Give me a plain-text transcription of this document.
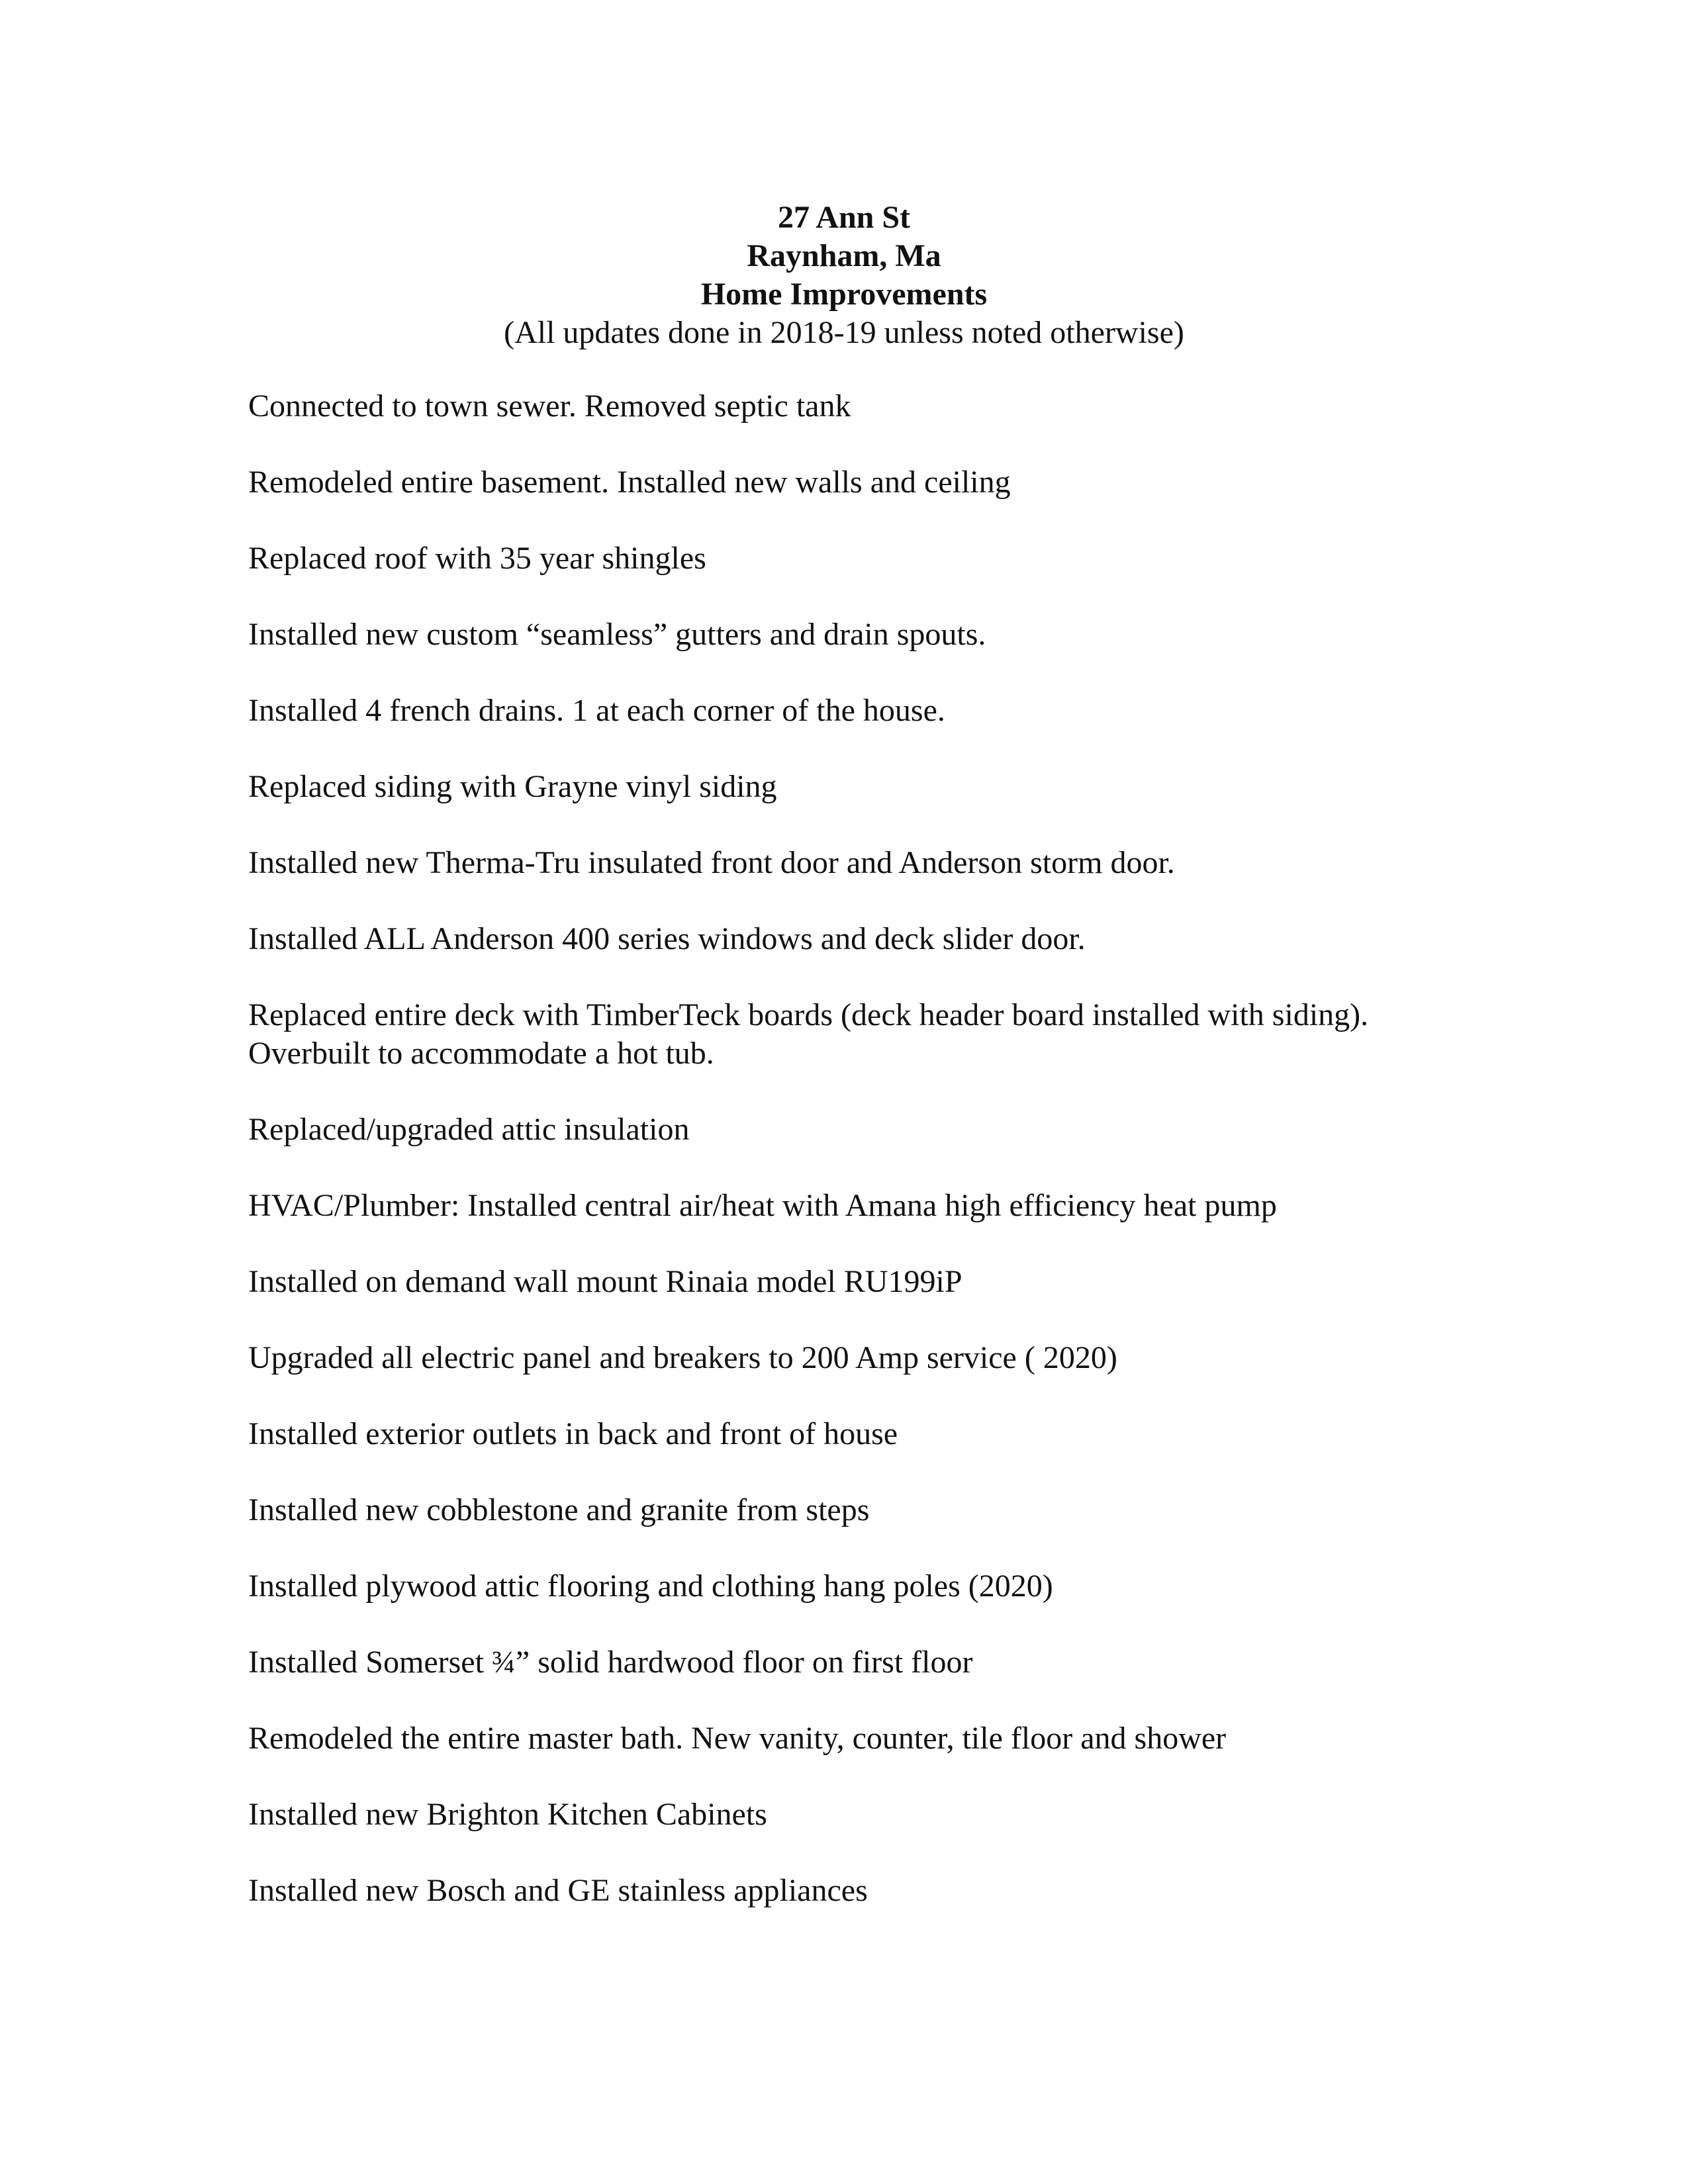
27 Ann St
Raynham, Ma
Home Improvements
(All updates done in 2018-19 unless noted otherwise)
Connected to town sewer. Removed septic tank
Remodeled entire basement. Installed new walls and ceiling
Replaced roof with 35 year shingles
Installed new custom “seamless” gutters and drain spouts.
Installed 4 french drains. 1 at each corner of the house.
Replaced siding with Grayne vinyl siding
Installed new Therma-Tru insulated front door and Anderson storm door.
Installed ALL Anderson 400 series windows and deck slider door.
Replaced entire deck with TimberTeck boards (deck header board installed with siding).
Overbuilt to accommodate a hot tub.
Replaced/upgraded attic insulation
HVAC/Plumber: Installed central air/heat with Amana high efficiency heat pump
Installed on demand wall mount Rinaia model RU199iP
Upgraded all electric panel and breakers to 200 Amp service ( 2020)
Installed exterior outlets in back and front of house
Installed new cobblestone and granite from steps
Installed plywood attic flooring and clothing hang poles (2020)
Installed Somerset ¾” solid hardwood floor on first floor
Remodeled the entire master bath. New vanity, counter, tile floor and shower
Installed new Brighton Kitchen Cabinets
Installed new Bosch and GE stainless appliances
